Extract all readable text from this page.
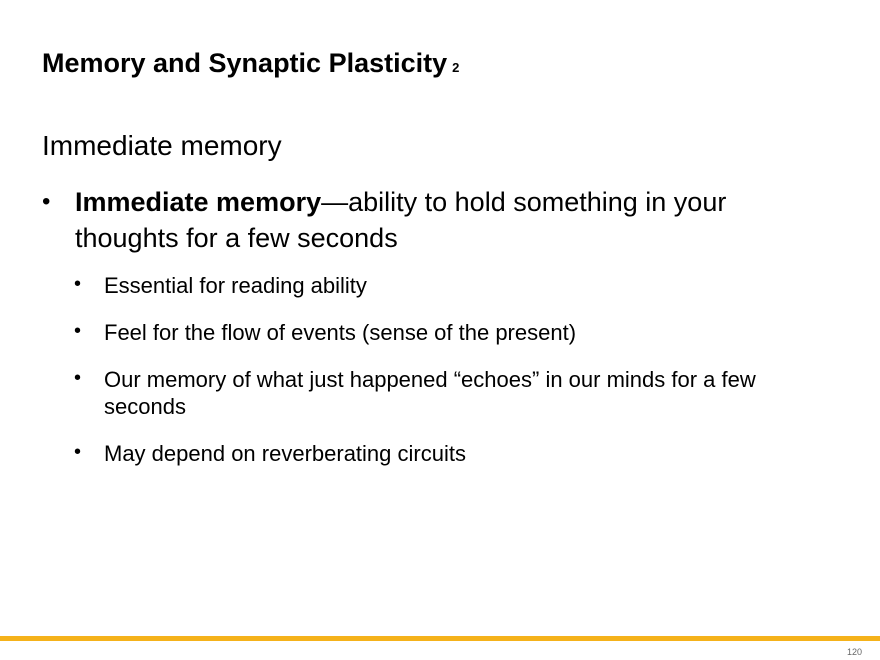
Memory and Synaptic Plasticity 2
Immediate memory
• Immediate memory—ability to hold something in your thoughts for a few seconds
• Essential for reading ability
• Feel for the flow of events (sense of the present)
• Our memory of what just happened “echoes” in our minds for a few seconds
• May depend on reverberating circuits
120
